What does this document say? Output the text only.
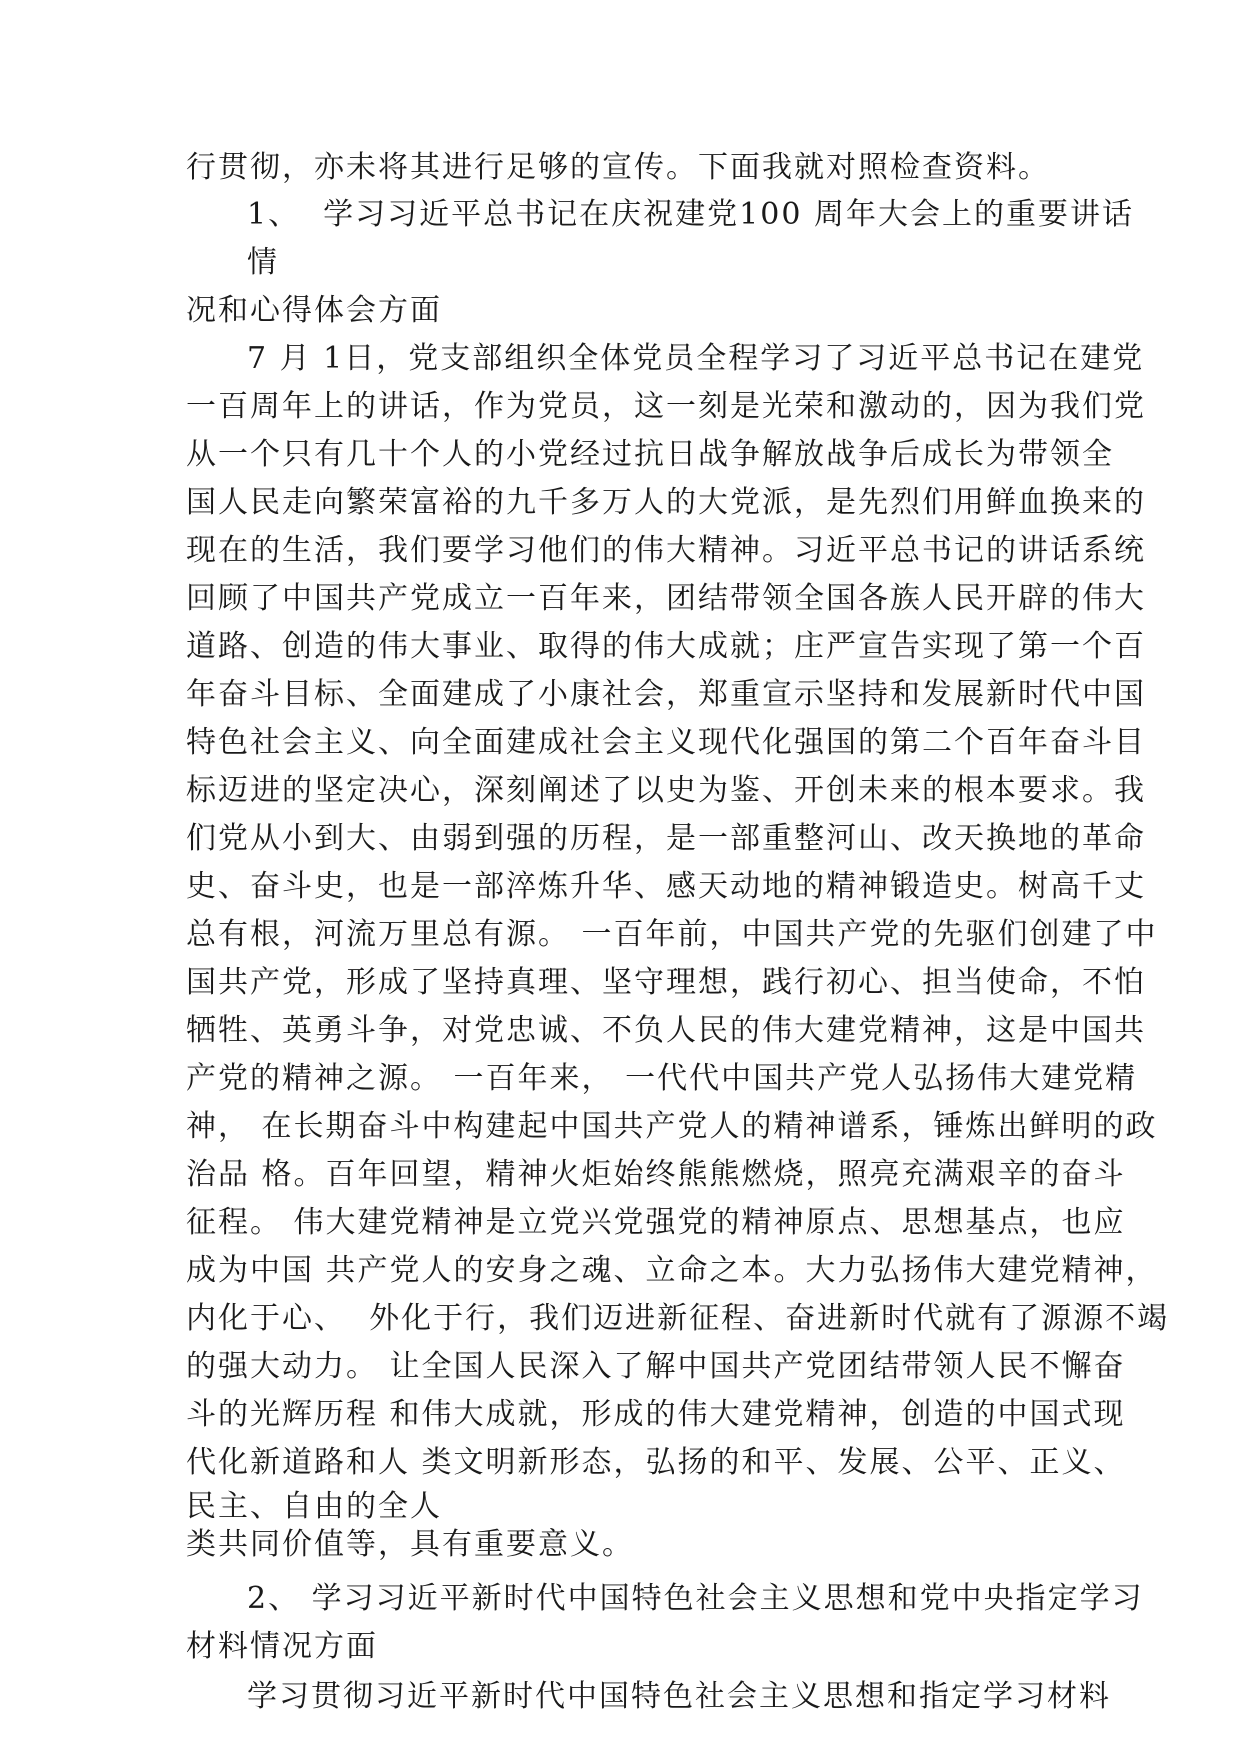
行贯彻，亦未将其进行足够的宣传。下面我就对照检查资料。
1、  学习习近平总书记在庆祝建党100 周年大会上的重要讲话
情
况和心得体会方面
7 月 1日，党支部组织全体党员全程学习了习近平总书记在建党
一百周年上的讲话，作为党员，这一刻是光荣和激动的，因为我们党
从一个只有几十个人的小党经过抗日战争解放战争后成长为带领全
国人民走向繁荣富裕的九千多万人的大党派，是先烈们用鲜血换来的
现在的生活，我们要学习他们的伟大精神。习近平总书记的讲话系统
回顾了中国共产党成立一百年来，团结带领全国各族人民开辟的伟大
道路、创造的伟大事业、取得的伟大成就；庄严宣告实现了第一个百
年奋斗目标、全面建成了小康社会，郑重宣示坚持和发展新时代中国
特色社会主义、向全面建成社会主义现代化强国的第二个百年奋斗目
标迈进的坚定决心，深刻阐述了以史为鉴、开创未来的根本要求。我
们党从小到大、由弱到强的历程，是一部重整河山、改天换地的革命
史、奋斗史，也是一部淬炼升华、感天动地的精神锻造史。树高千丈
总有根，河流万里总有源。 一百年前，中国共产党的先驱们创建了中
国共产党，形成了坚持真理、坚守理想，践行初心、担当使命，不怕
牺牲、英勇斗争，对党忠诚、不负人民的伟大建党精神，这是中国共
产党的精神之源。 一百年来， 一代代中国共产党人弘扬伟大建党精
神， 在长期奋斗中构建起中国共产党人的精神谱系，锤炼出鲜明的政
治品 格。百年回望，精神火炬始终熊熊燃烧，照亮充满艰辛的奋斗
征程。 伟大建党精神是立党兴党强党的精神原点、思想基点，也应
成为中国 共产党人的安身之魂、立命之本。大力弘扬伟大建党精神，
内化于心、  外化于行，我们迈进新征程、奋进新时代就有了源源不竭
的强大动力。 让全国人民深入了解中国共产党团结带领人民不懈奋
斗的光辉历程 和伟大成就，形成的伟大建党精神，创造的中国式现
代化新道路和人 类文明新形态，弘扬的和平、发展、公平、正义、
民主、自由的全人
类共同价值等，具有重要意义。
2、 学习习近平新时代中国特色社会主义思想和党中央指定学习
材料情况方面
学习贯彻习近平新时代中国特色社会主义思想和指定学习材料
